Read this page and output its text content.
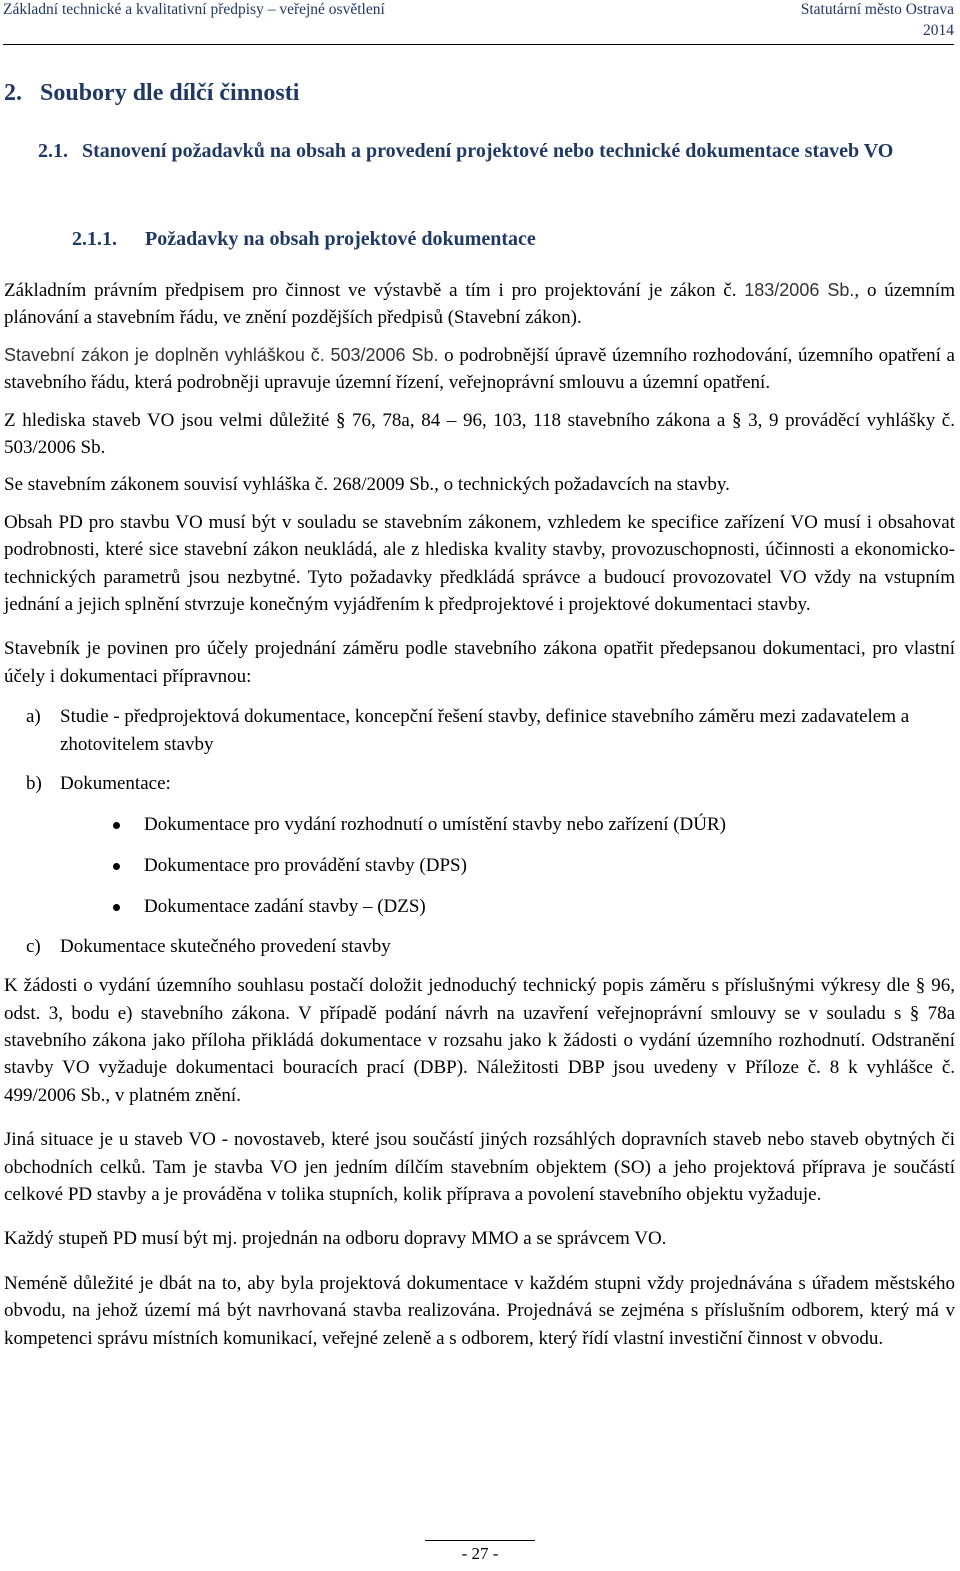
Základní technické a kvalitativní předpisy – veřejné osvětlení	Statutární město Ostrava
2014
2. Soubory dle dílčí činnosti
2.1. Stanovení požadavků na obsah a provedení projektové nebo technické dokumentace staveb VO
2.1.1. Požadavky na obsah projektové dokumentace

Základním právním předpisem pro činnost ve výstavbě a tím i pro projektování je zákon č. 183/2006 Sb., o územním plánování a stavebním řádu, ve znění pozdějších předpisů (Stavební zákon).

Stavební zákon je doplněn vyhláškou č. 503/2006 Sb. o podrobnější úpravě územního rozhodování, územního opatření a stavebního řádu, která podrobněji upravuje územní řízení, veřejnoprávní smlouvu a územní opatření.

Z hlediska staveb VO jsou velmi důležité § 76, 78a, 84 – 96, 103, 118 stavebního zákona a § 3, 9 prováděcí vyhlášky č. 503/2006 Sb.

Se stavebním zákonem souvisí vyhláška č. 268/2009 Sb., o technických požadavcích na stavby.

Obsah PD pro stavbu VO musí být v souladu se stavebním zákonem, vzhledem ke specifice zařízení VO musí i obsahovat podrobnosti, které sice stavební zákon neukládá, ale z hlediska kvality stavby, provozuschopnosti, účinnosti a ekonomicko-technických parametrů jsou nezbytné. Tyto požadavky předkládá správce a budoucí provozovatel VO vždy na vstupním jednání a jejich splnění stvrzuje konečným vyjádřením k předprojektové i projektové dokumentaci stavby.

Stavebník je povinen pro účely projednání záměru podle stavebního zákona opatřit předepsanou dokumentaci, pro vlastní účely i dokumentaci přípravnou:

a) Studie - předprojektová dokumentace, koncepční řešení stavby, definice stavebního záměru mezi zadavatelem a zhotovitelem stavby
b) Dokumentace:
Dokumentace pro vydání rozhodnutí o umístění stavby nebo zařízení (DÚR)
Dokumentace pro provádění stavby (DPS)
Dokumentace zadání stavby – (DZS)
c) Dokumentace skutečného provedení stavby

K žádosti o vydání územního souhlasu postačí doložit jednoduchý technický popis záměru s příslušnými výkresy dle § 96, odst. 3, bodu e) stavebního zákona. V případě podání návrh na uzavření veřejnoprávní smlouvy se v souladu s § 78a stavebního zákona jako příloha přikládá dokumentace v rozsahu jako k žádosti o vydání územního rozhodnutí. Odstranění stavby VO vyžaduje dokumentaci bouracích prací (DBP). Náležitosti DBP jsou uvedeny v Příloze č. 8 k vyhlášce č. 499/2006 Sb., v platném znění.

Jiná situace je u staveb VO - novostaveb, které jsou součástí jiných rozsáhlých dopravních staveb nebo staveb obytných či obchodních celků. Tam je stavba VO jen jedním dílčím stavebním objektem (SO) a jeho projektová příprava je součástí celkové PD stavby a je prováděna v tolika stupních, kolik příprava a povolení stavebního objektu vyžaduje.

Každý stupeň PD musí být mj. projednán na odboru dopravy MMO a se správcem VO.

Neméně důležité je dbát na to, aby byla projektová dokumentace v každém stupni vždy projednávána s úřadem městského obvodu, na jehož území má být navrhovaná stavba realizována. Projednává se zejména s příslušním odborem, který má v kompetenci správu místních komunikací, veřejné zeleně a s odborem, který řídí vlastní investiční činnost v obvodu.

- 27 -
